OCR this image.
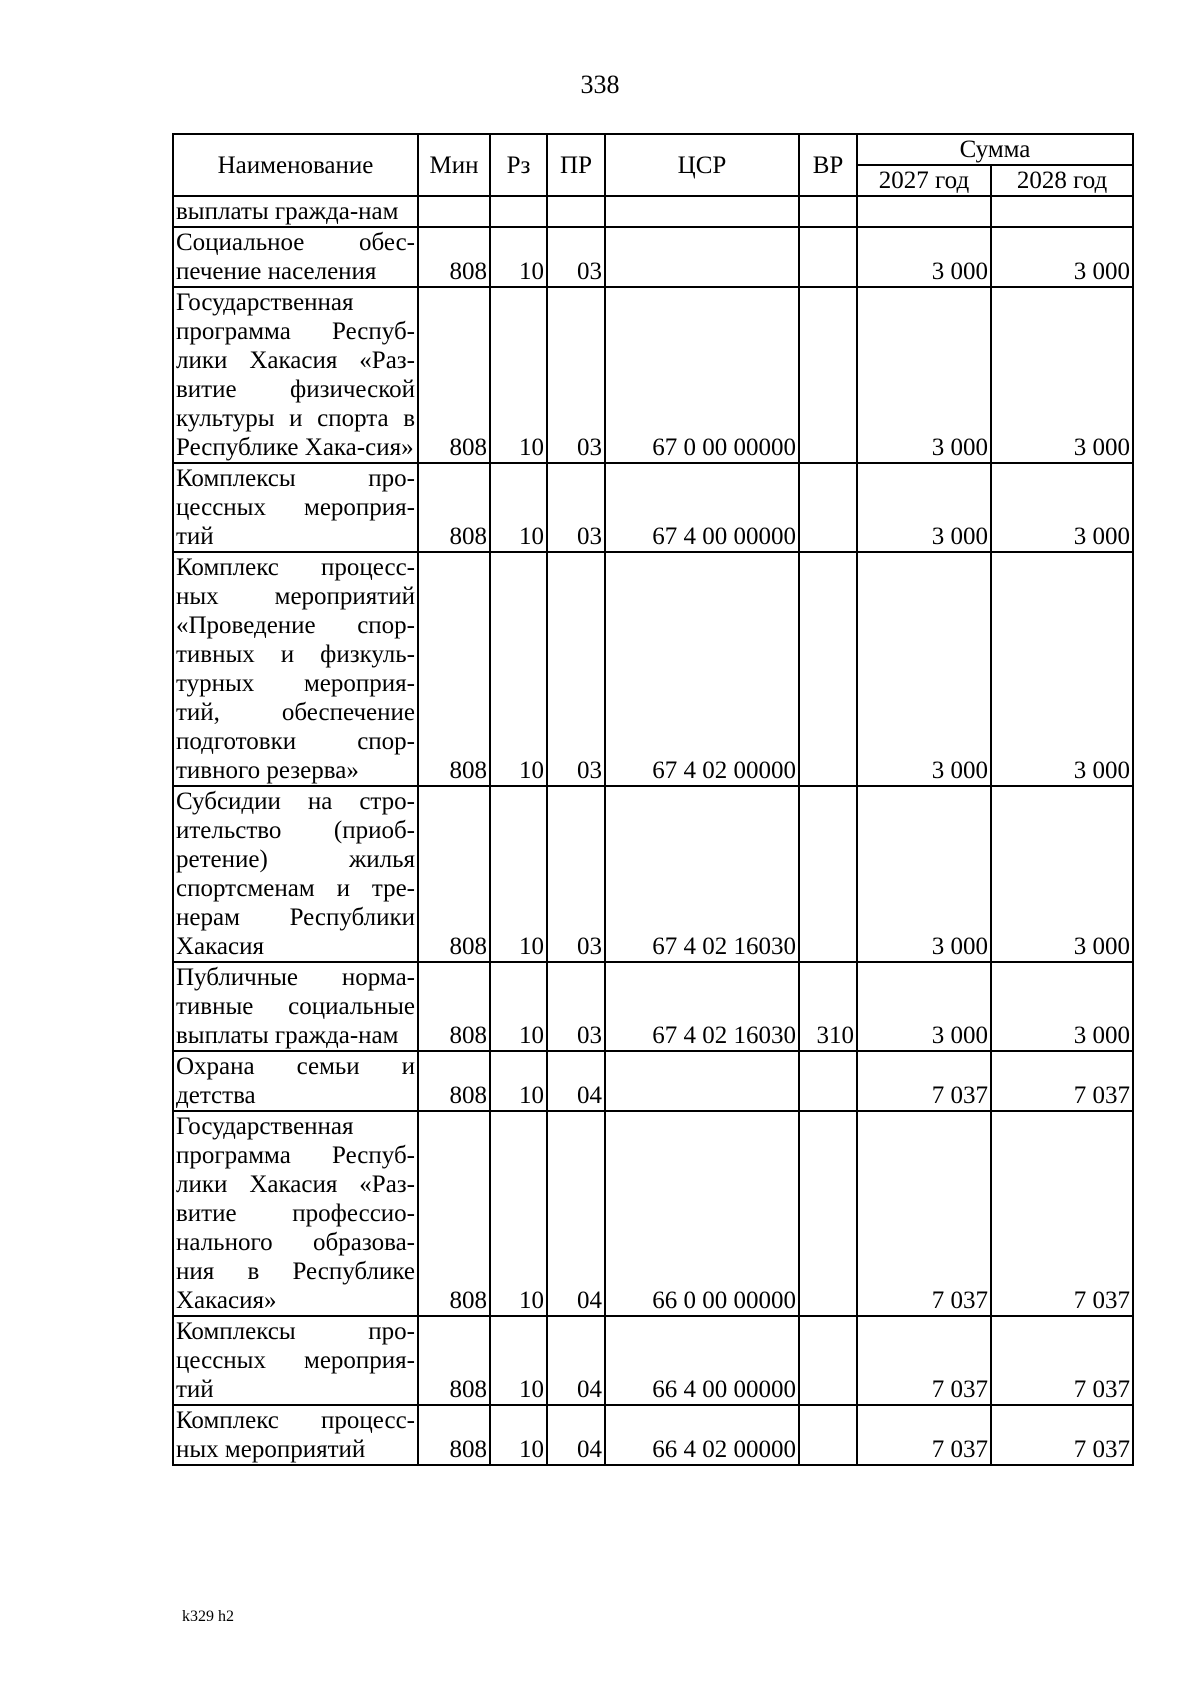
338
Наименование	Мин	Рз	ПР	ЦСР	ВР	Сумма	
						2027 год	2028 год
выплаты граждa-нам							
Социальное обес-печение населения	808	10	03			3 000	3 000
Государственная программа Респуб-лики Хакасия «Раз-витие физической культуры и спорта в Республике Хака-сия»	808	10	03	67 0 00 00000		3 000	3 000
Комплексы про-цессных мероприя-тий	808	10	03	67 4 00 00000		3 000	3 000
Комплекс процесс-ных мероприятий «Проведение спор-тивных и физкуль-турных мероприя-тий, обеспечение подготовки спор-тивного резерва»	808	10	03	67 4 02 00000		3 000	3 000
Субсидии на стро-ительство (приоб-ретение) жилья спортсменам и тре-нерам Республики Хакасия	808	10	03	67 4 02 16030		3 000	3 000
Публичные норма-тивные социальные выплаты граждa-нам	808	10	03	67 4 02 16030	310	3 000	3 000
Охрана семьи и детства	808	10	04			7 037	7 037
Государственная программа Респуб-лики Хакасия «Раз-витие профессио-нального образова-ния в Республике Хакасия»	808	10	04	66 0 00 00000		7 037	7 037
Комплексы про-цессных мероприя-тий	808	10	04	66 4 00 00000		7 037	7 037
Комплекс процесс-ных мероприятий	808	10	04	66 4 02 00000		7 037	7 037
k329 h2
